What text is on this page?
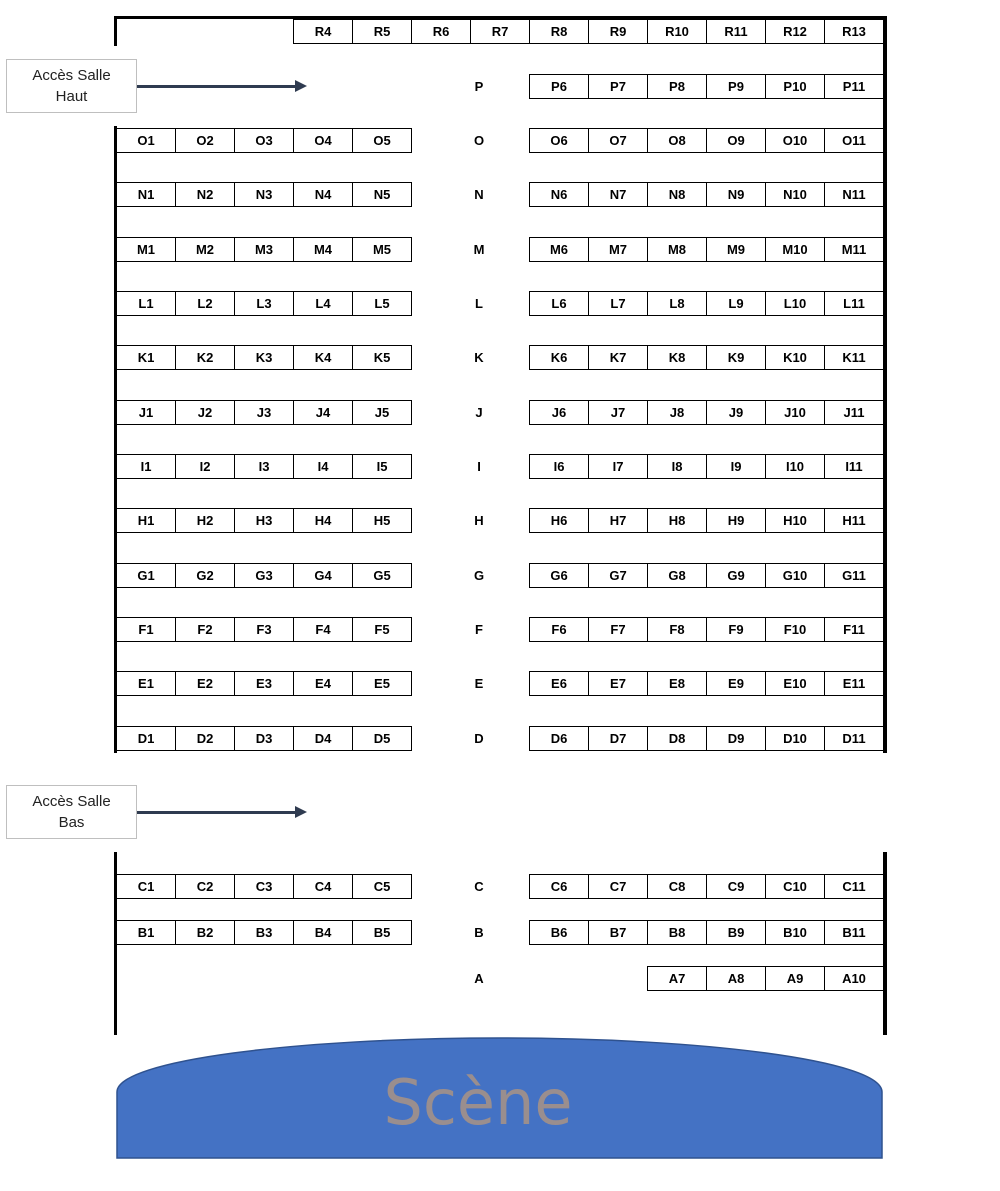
Accès Salle
Haut
Accès Salle
Bas
Scène
R4	R5	R6	R7	R8	R9	R10	R11	R12	R13
P6	P7	P8	P9	P10	P11
P
O1	O2	O3	O4	O5	O6	O7	O8	O9	O10	O11
O
N1	N2	N3	N4	N5	N6	N7	N8	N9	N10	N11
N
M1	M2	M3	M4	M5	M6	M7	M8	M9	M10	M11
M
L1	L2	L3	L4	L5	L6	L7	L8	L9	L10	L11
L
K1	K2	K3	K4	K5	K6	K7	K8	K9	K10	K11
K
J1	J2	J3	J4	J5	J6	J7	J8	J9	J10	J11
J
I1	I2	I3	I4	I5	I6	I7	I8	I9	I10	I11
I
H1	H2	H3	H4	H5	H6	H7	H8	H9	H10	H11
H
G1	G2	G3	G4	G5	G6	G7	G8	G9	G10	G11
G
F1	F2	F3	F4	F5	F6	F7	F8	F9	F10	F11
F
E1	E2	E3	E4	E5	E6	E7	E8	E9	E10	E11
E
D1	D2	D3	D4	D5	D6	D7	D8	D9	D10	D11
D
C1	C2	C3	C4	C5	C6	C7	C8	C9	C10	C11
C
B1	B2	B3	B4	B5	B6	B7	B8	B9	B10	B11
B
A7	A8	A9	A10
A
